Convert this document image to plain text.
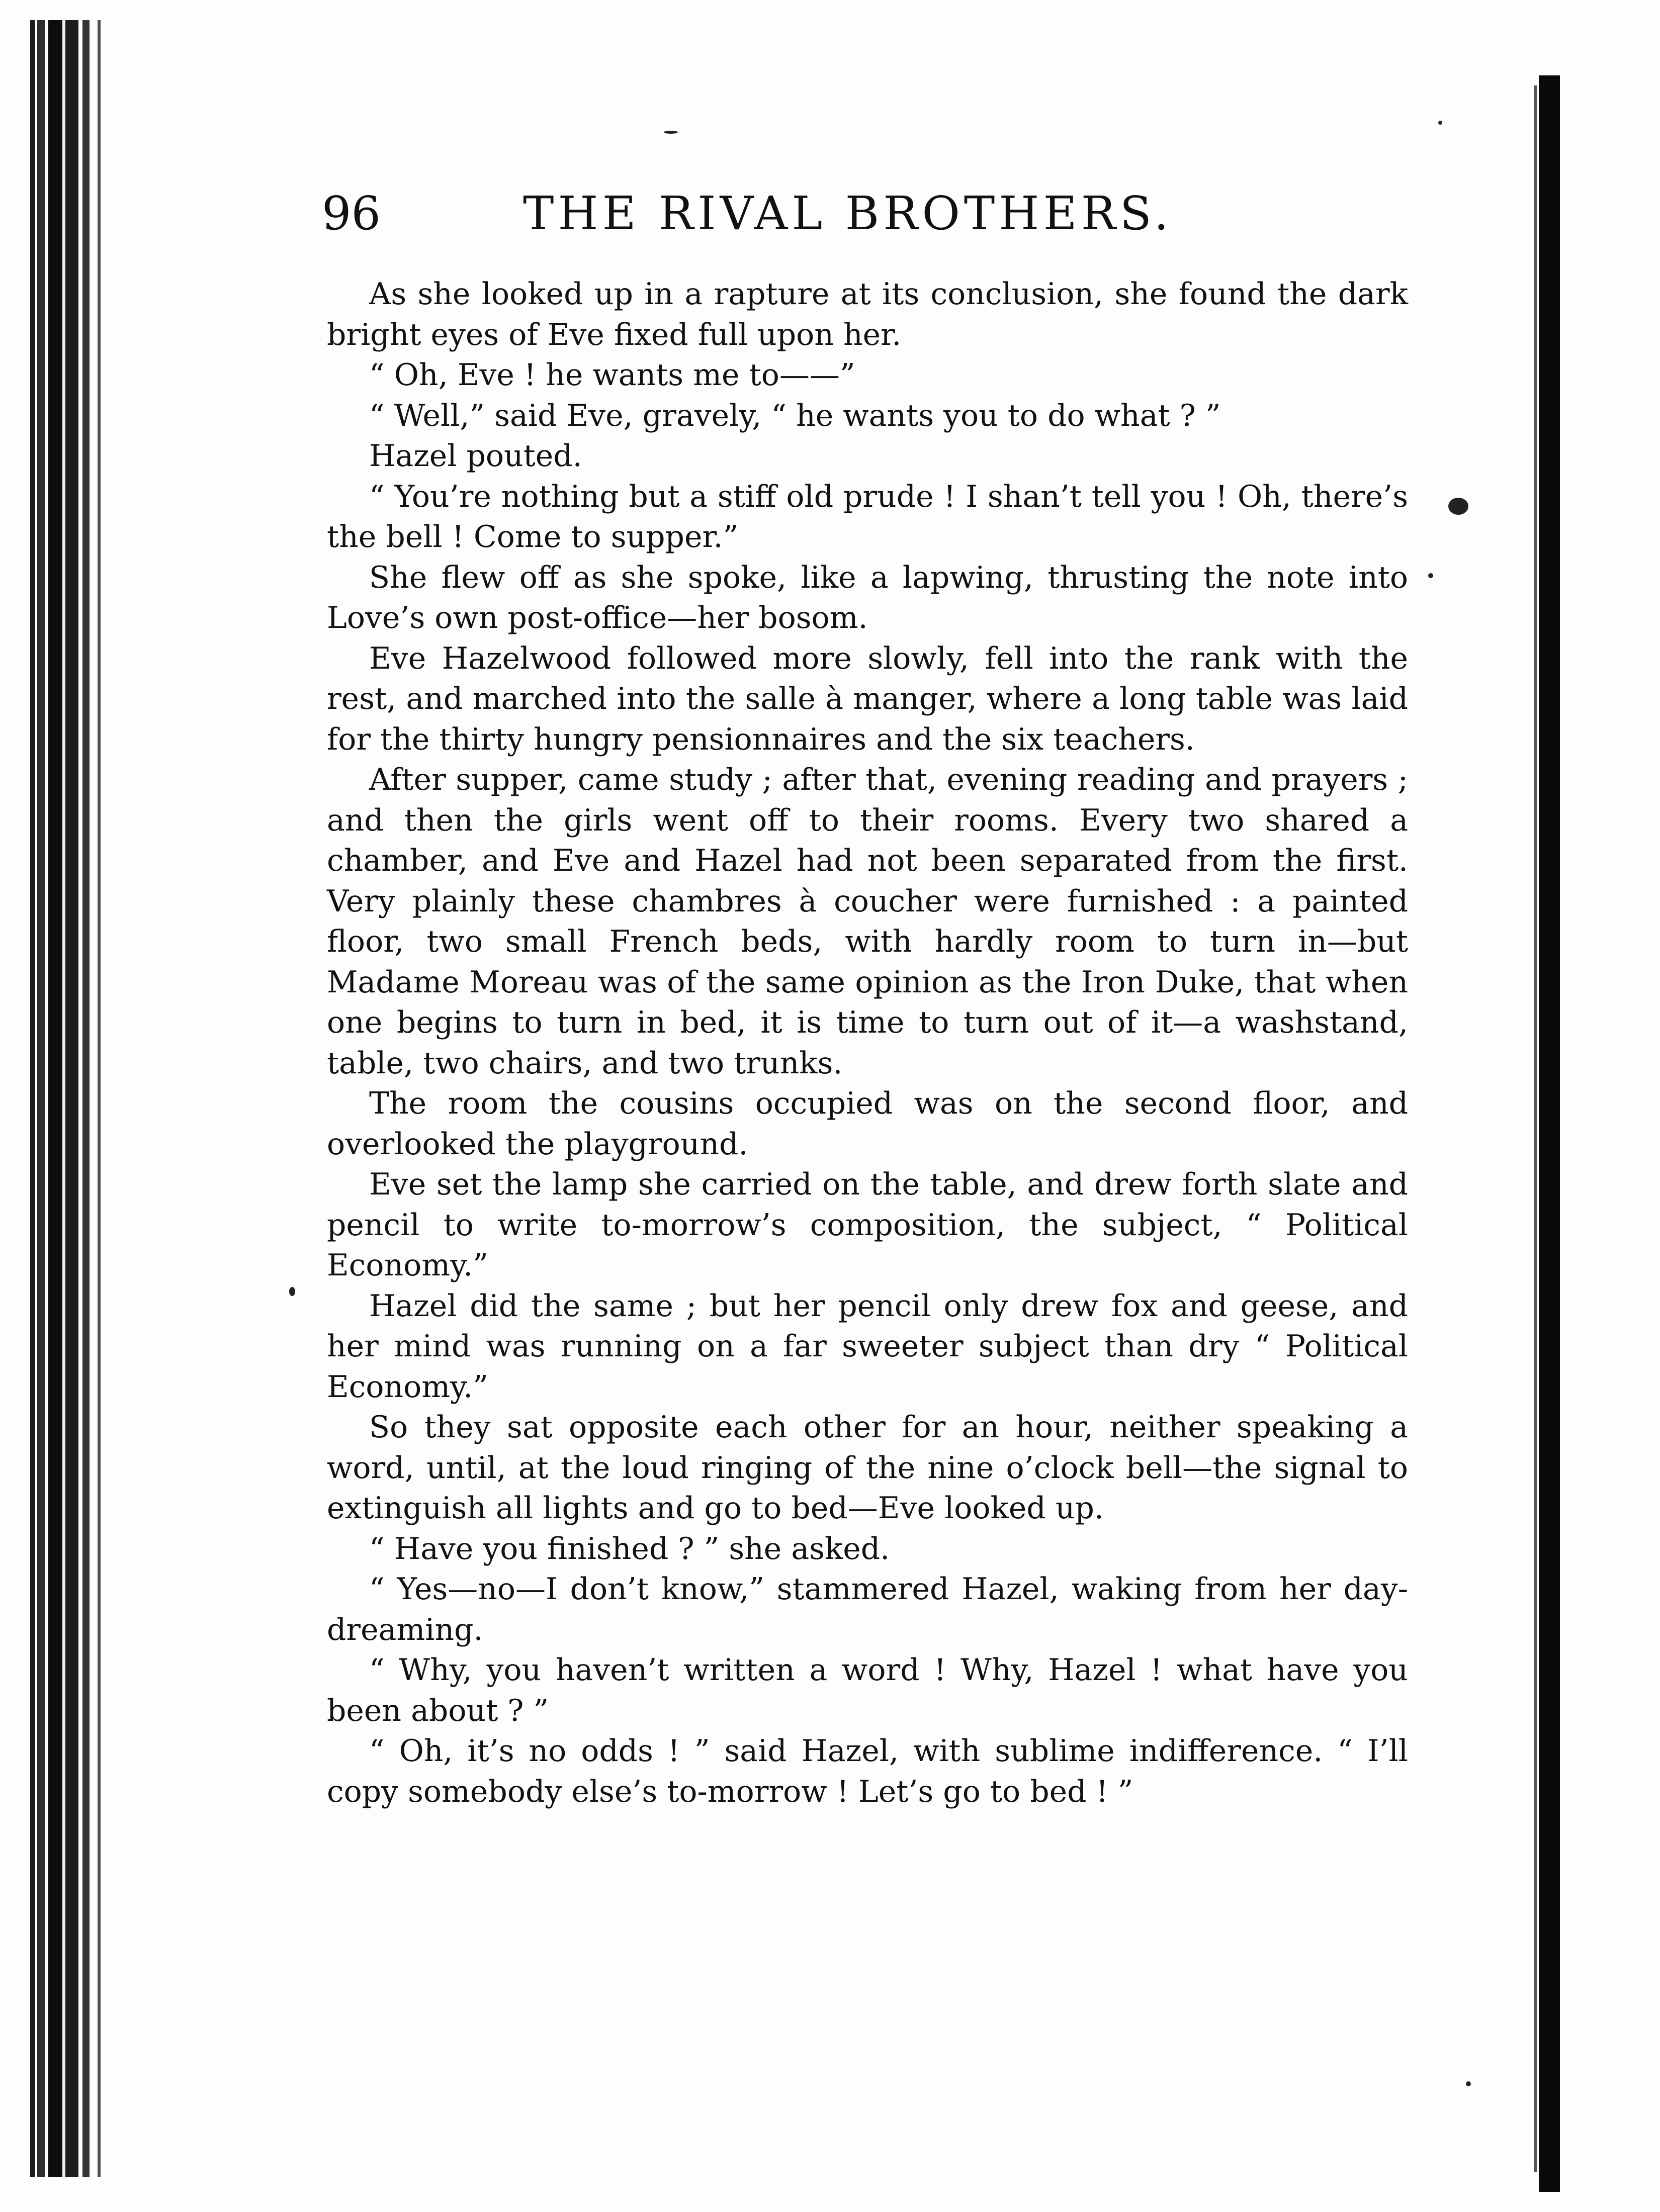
96	THE RIVAL BROTHERS.

As she looked up in a rapture at its conclusion, she found the dark bright eyes of Eve fixed full upon her.

“ Oh, Eve ! he wants me to——”

“ Well,” said Eve, gravely, “ he wants you to do what ? ”

Hazel pouted.

“ You’re nothing but a stiff old prude ! I shan’t tell you ! Oh, there’s the bell ! Come to supper.”

She flew off as she spoke, like a lapwing, thrusting the note into Love’s own post-office—her bosom.

Eve Hazelwood followed more slowly, fell into the rank with the rest, and marched into the salle à manger, where a long table was laid for the thirty hungry pensionnaires and the six teachers.

After supper, came study ; after that, evening reading and prayers ; and then the girls went off to their rooms. Every two shared a chamber, and Eve and Hazel had not been separated from the first. Very plainly these chambres à coucher were furnished : a painted floor, two small French beds, with hardly room to turn in—but Madame Moreau was of the same opinion as the Iron Duke, that when one begins to turn in bed, it is time to turn out of it—a washstand, table, two chairs, and two trunks.

The room the cousins occupied was on the second floor, and overlooked the playground.

Eve set the lamp she carried on the table, and drew forth slate and pencil to write to-morrow’s composition, the subject, “ Political Economy.”

Hazel did the same ; but her pencil only drew fox and geese, and her mind was running on a far sweeter subject than dry “ Political Economy.”

So they sat opposite each other for an hour, neither speaking a word, until, at the loud ringing of the nine o’clock bell—the signal to extinguish all lights and go to bed—Eve looked up.

“ Have you finished ? ” she asked.

“ Yes—no—I don’t know,” stammered Hazel, waking from her day-dreaming.

“ Why, you haven’t written a word ! Why, Hazel ! what have you been about ? ”

“ Oh, it’s no odds ! ” said Hazel, with sublime indifference. “ I’ll copy somebody else’s to-morrow ! Let’s go to bed ! ”
